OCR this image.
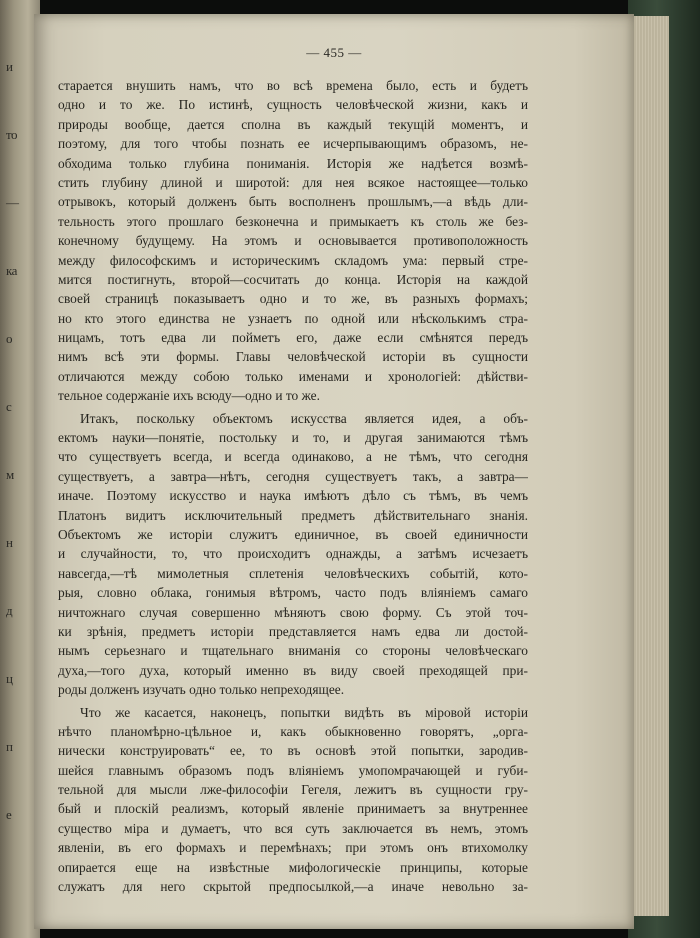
и
то
—
ка
о
с
м
н
д
ц
п
е
— 455 —
старается внушить намъ, что во всѣ времена было, есть и будетъ
одно и то же. По истинѣ, сущность человѣческой жизни, какъ и
природы вообще, дается сполна въ каждый текущій моментъ, и
поэтому, для того чтобы познать ее исчерпывающимъ образомъ, не-
обходима только глубина пониманія. Исторія же надѣется возмѣ-
стить глубину длиной и широтой: для нея всякое настоящее—только
отрывокъ, который долженъ быть восполненъ прошлымъ,—а вѣдь дли-
тельность этого прошлаго безконечна и примыкаетъ къ столь же без-
конечному будущему. На этомъ и основывается противоположность
между философскимъ и историческимъ складомъ ума: первый стре-
мится постигнуть, второй—сосчитать до конца. Исторія на каждой
своей страницѣ показываетъ одно и то же, въ разныхъ формахъ;
но кто этого единства не узнаетъ по одной или нѣсколькимъ стра-
ницамъ, тотъ едва ли пойметъ его, даже если смѣнятся передъ
нимъ всѣ эти формы. Главы человѣческой исторіи въ сущности
отличаются между собою только именами и хронологіей: дѣйстви-
тельное содержаніе ихъ всюду—одно и то же.
Итакъ, поскольку объектомъ искусства является идея, а объ-
ектомъ науки—понятіе, постольку и то, и другая занимаются тѣмъ
что существуетъ всегда, и всегда одинаково, а не тѣмъ, что сегодня
существуетъ, а завтра—нѣтъ, сегодня существуетъ такъ, а завтра—
иначе. Поэтому искусство и наука имѣютъ дѣло съ тѣмъ, въ чемъ
Платонъ видитъ исключительный предметъ дѣйствительнаго знанія.
Объектомъ же исторіи служитъ единичное, въ своей единичности
и случайности, то, что происходитъ однажды, а затѣмъ исчезаетъ
навсегда,—тѣ мимолетныя сплетенія человѣческихъ событій, кото-
рыя, словно облака, гонимыя вѣтромъ, часто подъ вліяніемъ самаго
ничтожнаго случая совершенно мѣняютъ свою форму. Съ этой точ-
ки зрѣнія, предметъ исторіи представляется намъ едва ли достой-
нымъ серьезнаго и тщательнаго вниманія со стороны человѣческаго
духа,—того духа, который именно въ виду своей преходящей при-
роды долженъ изучать одно только непреходящее.
Что же касается, наконецъ, попытки видѣть въ міровой исторіи
нѣчто планомѣрно-цѣльное и, какъ обыкновенно говорятъ, „орга-
нически конструировать“ ее, то въ основѣ этой попытки, зародив-
шейся главнымъ образомъ подъ вліяніемъ умопомрачающей и губи-
тельной для мысли лже-философіи Гегеля, лежитъ въ сущности гру-
бый и плоскій реализмъ, который явленіе принимаетъ за внутреннее
существо міра и думаетъ, что вся суть заключается въ немъ, этомъ
явленіи, въ его формахъ и перемѣнахъ; при этомъ онъ втихомолку
опирается еще на извѣстные мифологическіе принципы, которые
служатъ для него скрытой предпосылкой,—а иначе невольно за-
